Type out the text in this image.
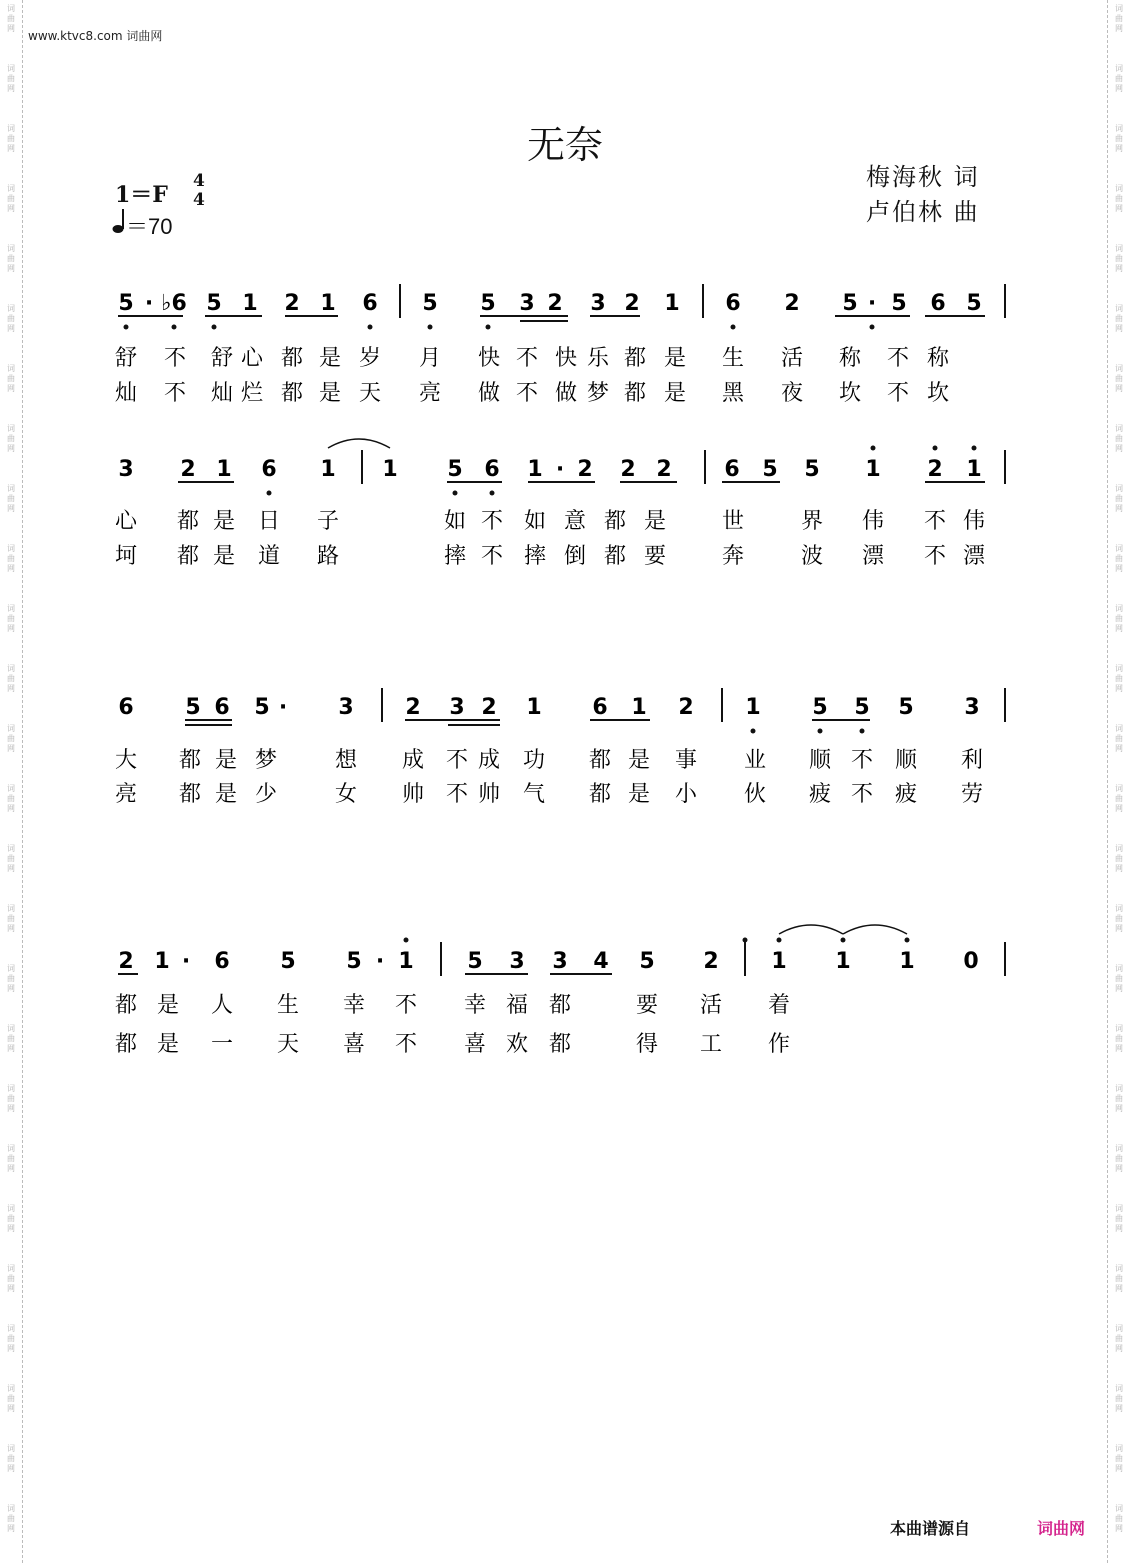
词
曲
网
词
曲
网
词
曲
网
词
曲
网
词
曲
网
词
曲
网
词
曲
网
词
曲
网
词
曲
网
词
曲
网
词
曲
网
词
曲
网
词
曲
网
词
曲
网
词
曲
网
词
曲
网
词
曲
网
词
曲
网
词
曲
网
词
曲
网
词
曲
网
词
曲
网
词
曲
网
词
曲
网
词
曲
网
词
曲
网
词
曲
网
词
曲
网
词
曲
网
词
曲
网
词
曲
网
词
曲
网
词
曲
网
词
曲
网
词
曲
网
词
曲
网
词
曲
网
词
曲
网
词
曲
网
词
曲
网
词
曲
网
词
曲
网
词
曲
网
词
曲
网
词
曲
网
词
曲
网
词
曲
网
词
曲
网
词
曲
网
词
曲
网
词
曲
网
词
曲
网
www.ktvc8.com 词曲网
无奈
1＝F
4
4
＝70
梅海秋 词
卢伯林 曲
5 · ♭6 5 1 2 1 6 5 5 3 2 3 2 1 6 2 5 · 5 6 5
舒 不 舒 心 都 是 岁 月 快 不 快 乐 都 是 生 活 称 不 称
灿 不 灿 烂 都 是 天 亮 做 不 做 梦 都 是 黑 夜 坎 不 坎
3 2 1 6 1 1 5 6 1 · 2 2 2 6 5 5 1 2 1
心 都 是 日 子	如 不 如 意 都 是	世	界 伟 不 伟
坷 都 是 道 路	摔 不 摔 倒 都 要	奔	波 漂 不 漂
6 5 6 5 · 3 2 3 2 1 6 1 2 1 5 5 5 3
大 都 是 梦	想 成 不 成 功 都 是 事 业 顺 不 顺 利
亮 都 是 少	女 帅 不 帅 气 都 是 小 伙 疲 不 疲 劳
2 1 · 6 5 5 · 1 5 3 3 4 5 2 1 1 1 0
都 是 人 生 幸 不 幸 福 都	要 活 着
都 是 一 天 喜 不 喜 欢 都	得 工 作
本曲谱源自	词曲网
